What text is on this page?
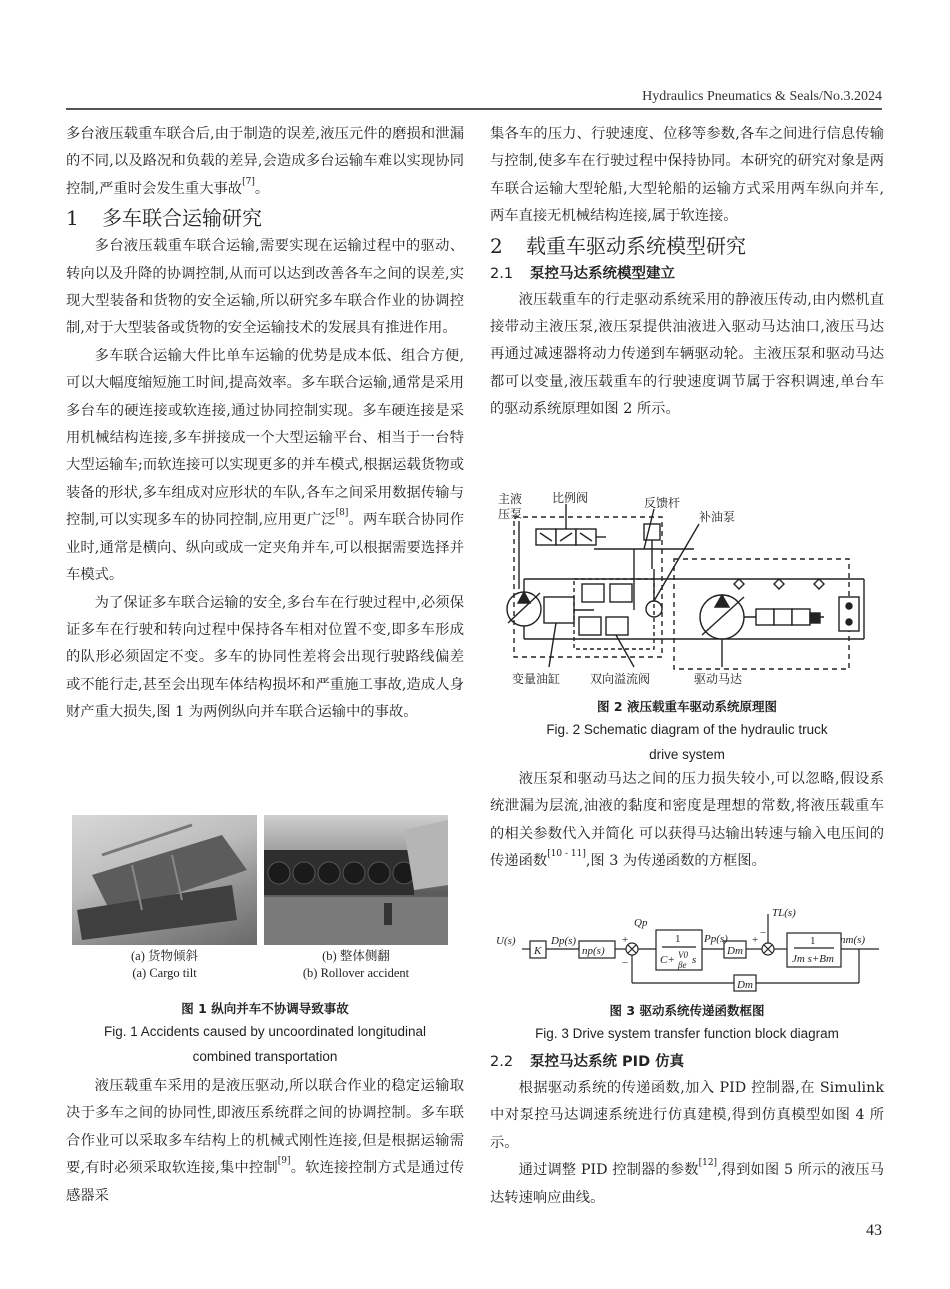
Hydraulics Pneumatics & Seals/No.3.2024

多台液压载重车联合后,由于制造的误差,液压元件的磨损和泄漏的不同,以及路况和负载的差异,会造成多台运输车难以实现协同控制,严重时会发生重大事故[7]。

1 多车联合运输研究

多台液压载重车联合运输,需要实现在运输过程中的驱动、转向以及升降的协调控制,从而可以达到改善各车之间的误差,实现大型装备和货物的安全运输,所以研究多车联合作业的协调控制,对于大型装备或货物的安全运输技术的发展具有推进作用。

多车联合运输大件比单车运输的优势是成本低、组合方便,可以大幅度缩短施工时间,提高效率。多车联合运输,通常是采用多台车的硬连接或软连接,通过协同控制实现。多车硬连接是采用机械结构连接,多车拼接成一个大型运输平台、相当于一台特大型运输车;而软连接可以实现更多的并车模式,根据运载货物或装备的形状,多车组成对应形状的车队,各车之间采用数据传输与控制,可以实现多车的协同控制,应用更广泛[8]。两车联合协同作业时,通常是横向、纵向或成一定夹角并车,可以根据需要选择并车模式。

为了保证多车联合运输的安全,多台车在行驶过程中,必须保证多车在行驶和转向过程中保持各车相对位置不变,即多车形成的队形必须固定不变。多车的协同性差将会出现行驶路线偏差或不能行走,甚至会出现车体结构损坏和严重施工事故,造成人身财产重大损失,图 1 为两例纵向并车联合运输中的事故。

(a) 货物倾斜
(a) Cargo tilt
(b) 整体侧翻
(b) Rollover accident
图 1 纵向并车不协调导致事故
Fig. 1 Accidents caused by uncoordinated longitudinal
combined transportation

液压载重车采用的是液压驱动,所以联合作业的稳定运输取决于多车之间的协同性,即液压系统群之间的协调控制。多车联合作业可以采取多车结构上的机械式刚性连接,但是根据运输需要,有时必须采取软连接,集中控制[9]。软连接控制方式是通过传感器采

集各车的压力、行驶速度、位移等参数,各车之间进行信息传输与控制,使多车在行驶过程中保持协同。本研究的研究对象是两车联合运输大型轮船,大型轮船的运输方式采用两车纵向并车,两车直接无机械结构连接,属于软连接。

2 载重车驱动系统模型研究

2.1 泵控马达系统模型建立

液压载重车的行走驱动系统采用的静液压传动,由内燃机直接带动主液压泵,液压泵提供油液进入驱动马达油口,液压马达再通过减速器将动力传递到车辆驱动轮。主液压泵和驱动马达都可以变量,液压载重车的行驶速度调节属于容积调速,单台车的驱动系统原理如图 2 所示。

主液
压泵
比例阀	反馈杆
补油泵
变量油缸 双向溢流阀	驱动马达
图 2 液压载重车驱动系统原理图
Fig. 2 Schematic diagram of the hydraulic truck
drive system

液压泵和驱动马达之间的压力损失较小,可以忽略,假设系统泄漏为层流,油液的黏度和密度是理想的常数,将液压载重车的相关参数代入并简化 可以获得马达输出转速与输入电压间的传递函数[10 - 11],图 3 为传递函数的方框图。

U(s)
K
Dp(s)
np(s)
Qp
+
−
1
C+ V0
βe s
Pp(s)
Dm
+
−
TL(s)
1
Jm s+Bm
nm(s)
Dm
图 3 驱动系统传递函数框图
Fig. 3 Drive system transfer function block diagram

2.2 泵控马达系统 PID 仿真

根据驱动系统的传递函数,加入 PID 控制器,在 Simulink 中对泵控马达调速系统进行仿真建模,得到仿真模型如图 4 所示。

通过调整 PID 控制器的参数[12],得到如图 5 所示的液压马达转速响应曲线。

43
